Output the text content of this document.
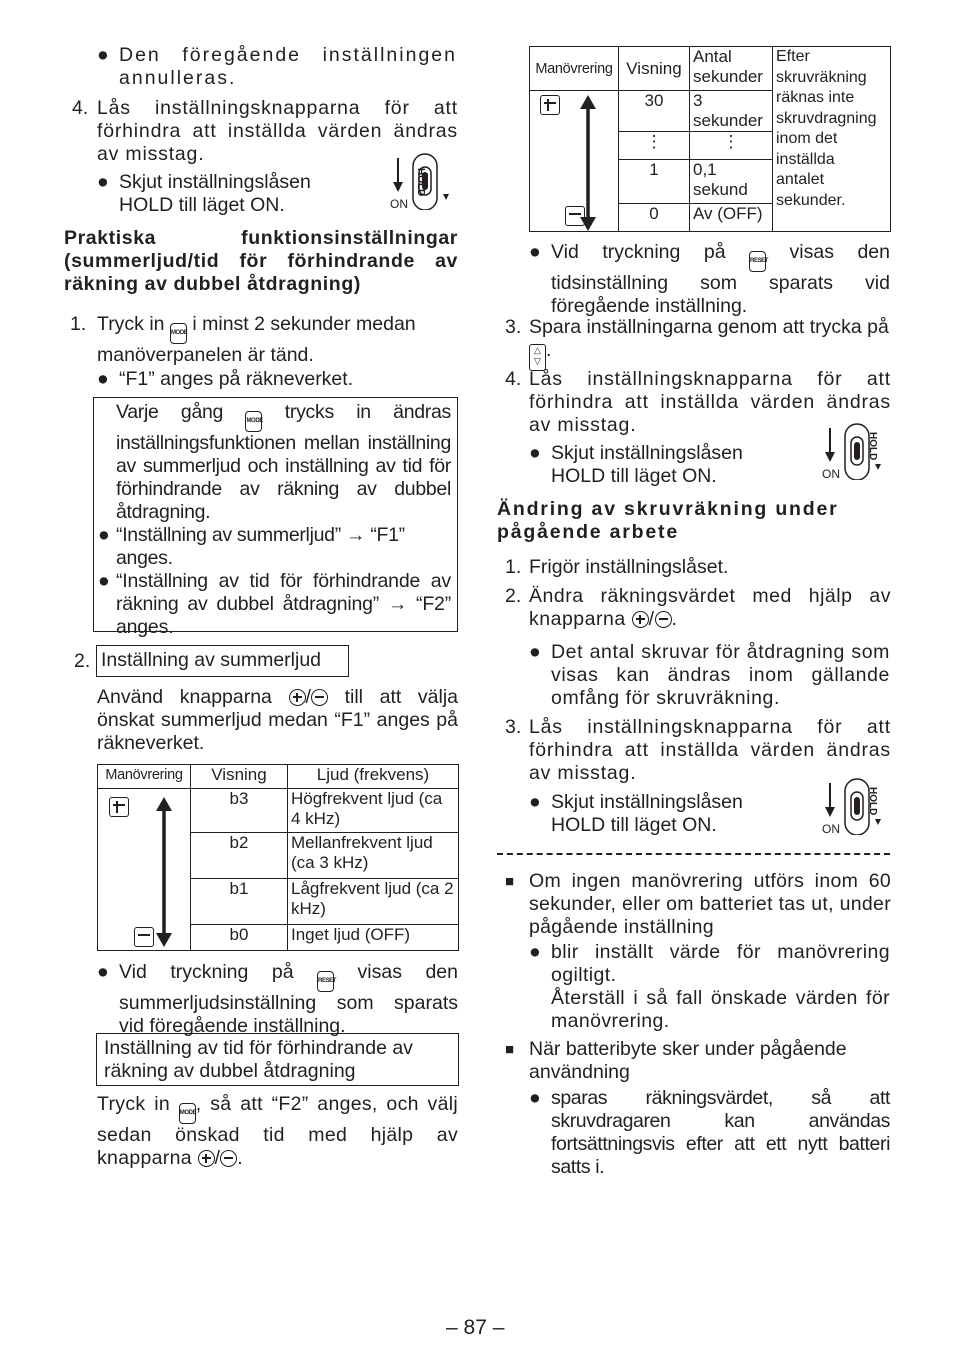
● Den föregående inställningen annulleras.
4. Lås inställningsknapparna för att förhindra att inställda värden ändras av misstag.
● Skjut inställningslåsen HOLD till läget ON.	ON
HOLD
Praktiska funktionsinställningar (summerljud/tid för förhindrande av räkning av dubbel åtdragning)
1. Tryck in MODE i minst 2 sekunder medan manöverpanelen är tänd.
● “F1” anges på räkneverket.
Varje gång	MODE trycks in ändras inställningsfunktionen mellan inställning av summerljud och inställning av tid för förhindrande av räkning av dubbel åtdragning.
● “Inställning av summerljud” → “F1” anges.
● “Inställning av tid för förhindrande av räkning av dubbel åtdragning” → “F2” anges.
2. Inställning av summerljud
Använd knapparna / till att välja önskat summerljud medan “F1” anges på räkneverket.
Manövrering	Visning	Ljud (frekvens)

	b3	Högfrekvent ljud (ca 4 kHz)
	b2	Mellanfrekvent ljud (ca 3 kHz)
	b1	Lågfrekvent ljud (ca 2 kHz)
	b0	Inget ljud (OFF)
● Vid tryckning på	RESET visas den summerljudsinställning som sparats vid föregående inställning.
Inställning av tid för förhindrande av räkning av dubbel åtdragning
Tryck in MODE, så att “F2” anges, och välj sedan önskad tid med hjälp av knapparna / .
Manövrering	Visning	Antal sekunder	Efter skruvräkning räknas inte skruvdragning inom det inställda antalet sekunder.

	30	3 sekunder	
	⋮	⋮	
	1	0,1 sekund	
	0	Av (OFF)	
● Vid tryckning på	RESET visas den tidsinställning som sparats vid föregående inställning.
3. Spara inställningarna genom att trycka på △
▽ .
4. Lås inställningsknapparna för att förhindra att inställda värden ändras av misstag.
● Skjut inställningslåsen HOLD till läget ON.	ON
HOLD
Ändring av skruvräkning under pågående arbete
1. Frigör inställningslåset.
2. Ändra räkningsvärdet med hjälp av knapparna / .
● Det antal skruvar för åtdragning som visas kan ändras inom gällande omfång för skruvräkning.
3. Lås inställningsknapparna för att förhindra att inställda värden ändras av misstag.
● Skjut inställningslåsen HOLD till läget ON.	ON
HOLD
■ Om ingen manövrering utförs inom 60 sekunder, eller om batteriet tas ut, under pågående inställning
● blir inställt värde för manövrering ogiltigt.
Återställ i så fall önskade värden för manövrering.
■ När batteribyte sker under pågående användning
● sparas räkningsvärdet, så att skruvdragaren kan användas fortsättningsvis efter att ett nytt batteri satts i.
– 87 –
